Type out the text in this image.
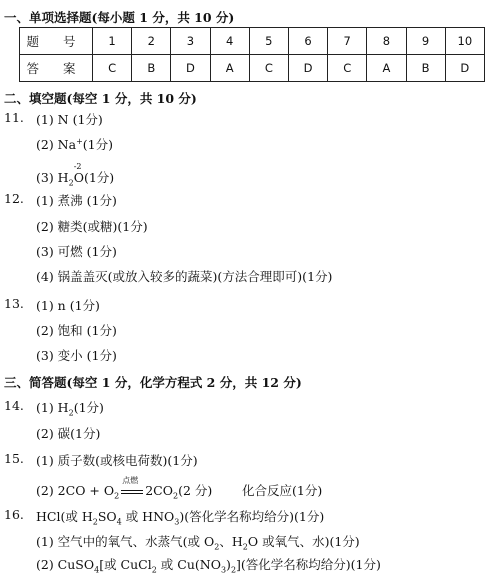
一、单项选择题(每小题 1 分，共 10 分)
题 号	1	2	3	4	5	6	7	8	9	10
答 案	C	B	D	A	C	D	C	A	B	D
二、填空题(每空 1 分，共 10 分)
11. (1) N (1分)
(2) Na+(1分)
(3) $H_2$
-2
O(1分)
12. (1) 煮沸 (1分)
(2) 糖类(或糖)(1分)
(3) 可燃 (1分)
(4) 锅盖盖灭(或放入较多的蔬菜)(方法合理即可)(1分)
13. (1) n (1分)
(2) 饱和 (1分)
(3) 变小 (1分)
三、简答题(每空 1 分，化学方程式 2 分，共 12 分)
14. (1) $H_2(1$分)
(2) 碳(1分)
15. (1) 质子数(或核电荷数)(1分)
(2) $2CO + O_2$
点燃
$2CO_2(2$ 分) 化合反应(1分)
16. HCl(或 $H_2SO_4$ 或 $HNO_3$)(答化学名称均给分)(1分)
(1) 空气中的氧气、水蒸气(或 $O_2$、$H_2O$ 或氧气、水)(1分)
(2) CuSO$_4$[或 CuCl$_2$ 或 $Cu(NO_3)_2$](答化学名称均给分)(1分)
